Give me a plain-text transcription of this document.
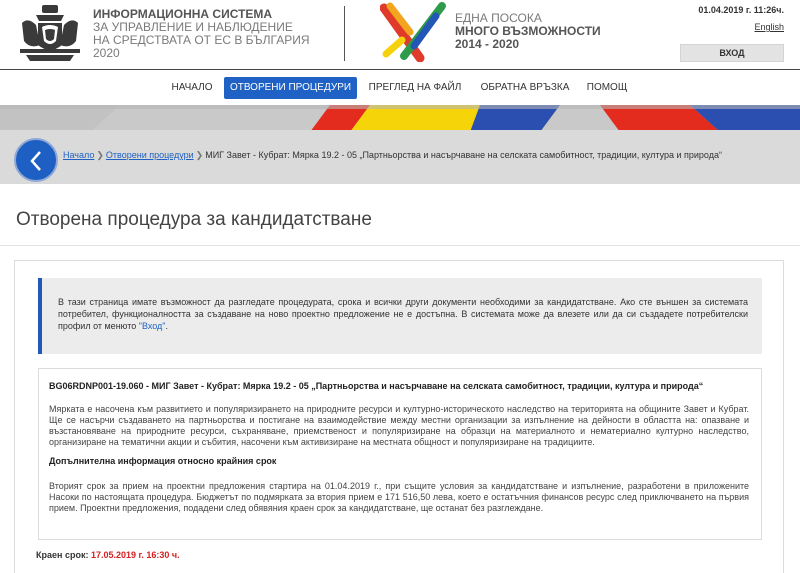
ИНФОРМАЦИОННА СИСТЕМА
ЗА УПРАВЛЕНИЕ И НАБЛЮДЕНИЕ
НА СРЕДСТВАТА ОТ ЕС В БЪЛГАРИЯ
2020
ЕДНА ПОСОКА
МНОГО ВЪЗМОЖНОСТИ
2014 - 2020
01.04.2019 г. 11:26ч.
English
ВХОД
НАЧАЛО	ОТВОРЕНИ ПРОЦЕДУРИ	ПРЕГЛЕД НА ФАЙЛ	ОБРАТНА ВРЪЗКА	ПОМОЩ
Начало ❯ Отворени процедури ❯ МИГ Завет - Кубрат: Мярка 19.2 - 05 „Партньорства и насърчаване на селската самобитност, традиции, култура и природа“
Отворена процедура за кандидатстване
В тази страница имате възможност да разгледате процедурата, срока и всички други документи необходими за кандидатстване. Ако сте външен за системата потребител, функционалността за създаване на ново проектно предложение не е достъпна. В системата може да влезете или да си създадете потребителски профил от менюто "Вход".
BG06RDNP001-19.060 - МИГ Завет - Кубрат: Мярка 19.2 - 05 „Партньорства и насърчаване на селската самобитност, традиции, култура и природа“
Мярката е насочена към развитието и популяризирането на природните ресурси и културно-историческото наследство на територията на общините Завет и Кубрат. Ще се насърчи създаването на партньорства и постигане на взаимодействие между местни организации за изпълнение на дейности в областта на: опазване и възстановяване на природните ресурси, съхраняване, приемственост и популяризиране на образци на материалното и нематериално културно наследство, организиране на тематични акции и събития, насочени към активизиране на местната общност и популяризиране на традициите.
Допълнителна информация относно крайния срок
Вторият срок за прием на проектни предложения стартира на 01.04.2019 г., при същите условия за кандидатстване и изпълнение, разработени в приложените Насоки по настоящата процедура. Бюджетът по подмярката за втория прием е 171 516,50 лева, което е остатъчния финансов ресурс след приключването на първия прием. Проектни предложения, подадени след обявяния краен срок за кандидатстване, ще останат без разглеждане.
Краен срок: 17.05.2019 г. 16:30 ч.
